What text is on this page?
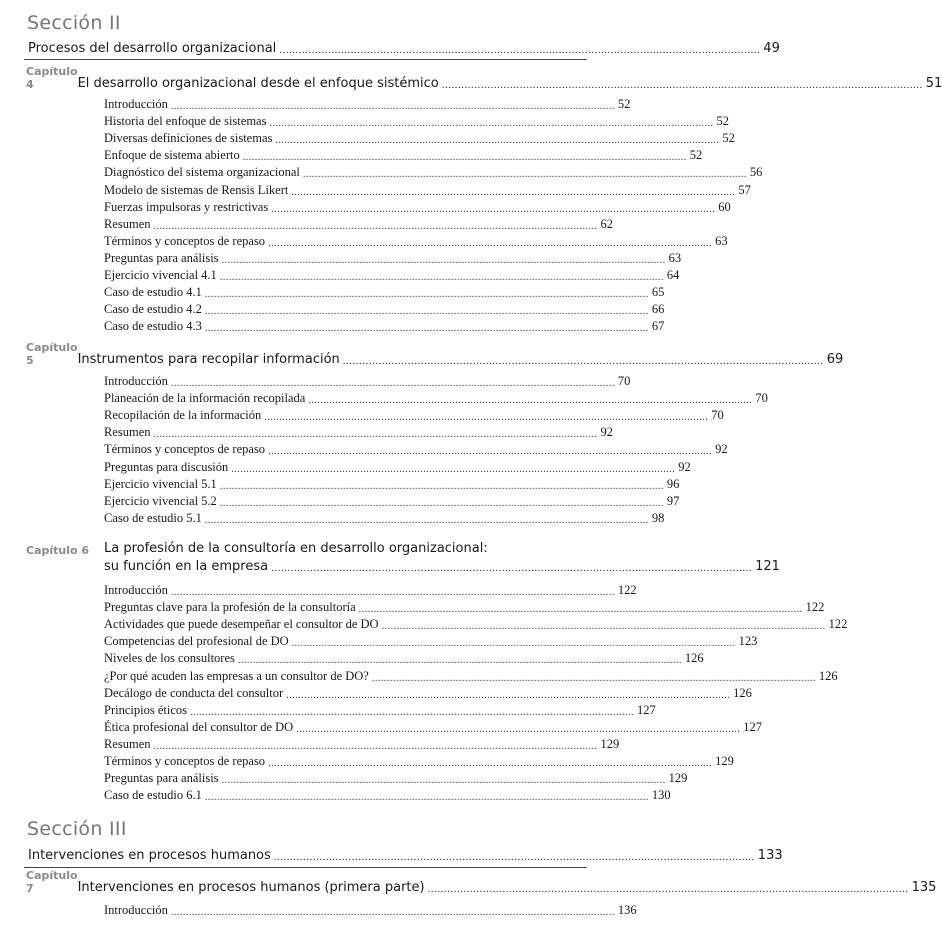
Sección II
Procesos del desarrollo organizacional .................................................................................................................................................... 49
Capítulo 4	El desarrollo organizacional desde el enfoque sistémico .................................................................................................................................................... 51
Introducción .................................................................................................................................................... 52
Historia del enfoque de sistemas .................................................................................................................................................... 52
Diversas definiciones de sistemas .................................................................................................................................................... 52
Enfoque de sistema abierto .................................................................................................................................................... 52
Diagnóstico del sistema organizacional .................................................................................................................................................... 56
Modelo de sistemas de Rensis Likert .................................................................................................................................................... 57
Fuerzas impulsoras y restrictivas .................................................................................................................................................... 60
Resumen .................................................................................................................................................... 62
Términos y conceptos de repaso .................................................................................................................................................... 63
Preguntas para análisis .................................................................................................................................................... 63
Ejercicio vivencial 4.1 .................................................................................................................................................... 64
Caso de estudio 4.1 .................................................................................................................................................... 65
Caso de estudio 4.2 .................................................................................................................................................... 66
Caso de estudio 4.3 .................................................................................................................................................... 67
Capítulo 5	Instrumentos para recopilar información .................................................................................................................................................... 69
Introducción .................................................................................................................................................... 70
Planeación de la información recopilada .................................................................................................................................................... 70
Recopilación de la información .................................................................................................................................................... 70
Resumen .................................................................................................................................................... 92
Términos y conceptos de repaso .................................................................................................................................................... 92
Preguntas para discusión .................................................................................................................................................... 92
Ejercicio vivencial 5.1 .................................................................................................................................................... 96
Ejercicio vivencial 5.2 .................................................................................................................................................... 97
Caso de estudio 5.1 .................................................................................................................................................... 98
Capítulo 6 La profesión de la consultoría en desarrollo organizacional:
su función en la empresa .................................................................................................................................................... 121
Introducción .................................................................................................................................................... 122
Preguntas clave para la profesión de la consultoría .................................................................................................................................................... 122
Actividades que puede desempeñar el consultor de DO .................................................................................................................................................... 122
Competencias del profesional de DO .................................................................................................................................................... 123
Niveles de los consultores .................................................................................................................................................... 126
¿Por qué acuden las empresas a un consultor de DO? .................................................................................................................................................... 126
Decálogo de conducta del consultor .................................................................................................................................................... 126
Principios éticos .................................................................................................................................................... 127
Ética profesional del consultor de DO .................................................................................................................................................... 127
Resumen .................................................................................................................................................... 129
Términos y conceptos de repaso .................................................................................................................................................... 129
Preguntas para análisis .................................................................................................................................................... 129
Caso de estudio 6.1 .................................................................................................................................................... 130
Sección III
Intervenciones en procesos humanos .................................................................................................................................................... 133
Capítulo 7	Intervenciones en procesos humanos (primera parte) .................................................................................................................................................... 135
Introducción .................................................................................................................................................... 136
